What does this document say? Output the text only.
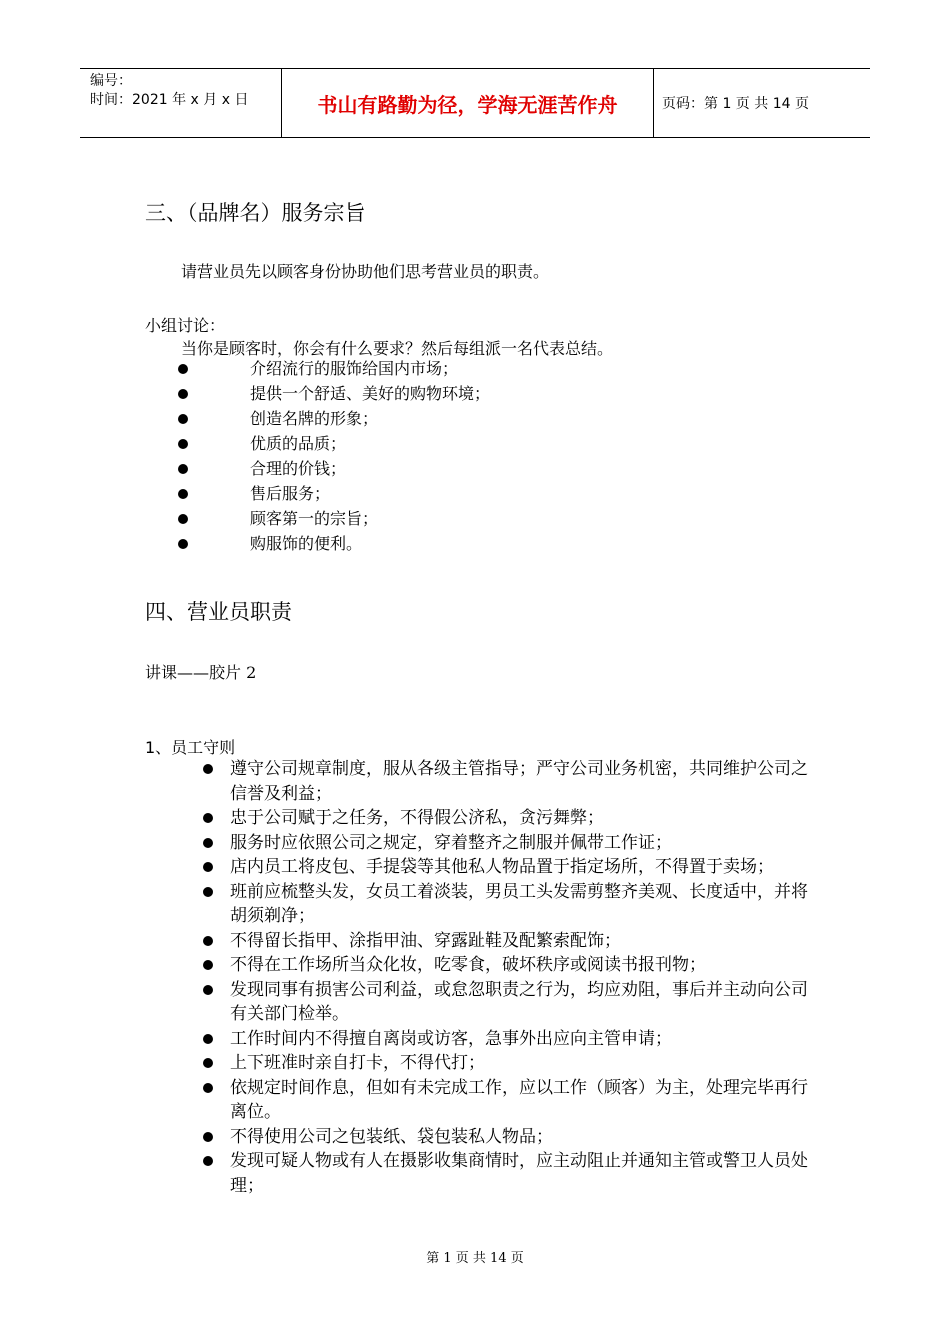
编号：
时间：2021 年 x 月 x 日	书山有路勤为径，学海无涯苦作舟	页码：第 1 页 共 14 页
三、（品牌名）服务宗旨
请营业员先以顾客身份协助他们思考营业员的职责。
小组讨论：
当你是顾客时，你会有什么要求？然后每组派一名代表总结。
介绍流行的服饰给国内市场；
提供一个舒适、美好的购物环境；
创造名牌的形象；
优质的品质；
合理的价钱；
售后服务；
顾客第一的宗旨；
购服饰的便利。
四、营业员职责
讲课——胶片 2
1、员工守则
遵守公司规章制度，服从各级主管指导；严守公司业务机密，共同维护公司之信誉及利益；
忠于公司赋于之任务，不得假公济私，贪污舞弊；
服务时应依照公司之规定，穿着整齐之制服并佩带工作证；
店内员工将皮包、手提袋等其他私人物品置于指定场所，不得置于卖场；
班前应梳整头发，女员工着淡装，男员工头发需剪整齐美观、长度适中，并将胡须剃净；
不得留长指甲、涂指甲油、穿露趾鞋及配繁索配饰；
不得在工作场所当众化妆，吃零食，破坏秩序或阅读书报刊物；
发现同事有损害公司利益，或怠忽职责之行为，均应劝阻，事后并主动向公司有关部门检举。
工作时间内不得擅自离岗或访客，急事外出应向主管申请；
上下班准时亲自打卡，不得代打；
依规定时间作息，但如有未完成工作，应以工作（顾客）为主，处理完毕再行离位。
不得使用公司之包装纸、袋包装私人物品；
发现可疑人物或有人在摄影收集商情时，应主动阻止并通知主管或警卫人员处理；
第 1 页 共 14 页
